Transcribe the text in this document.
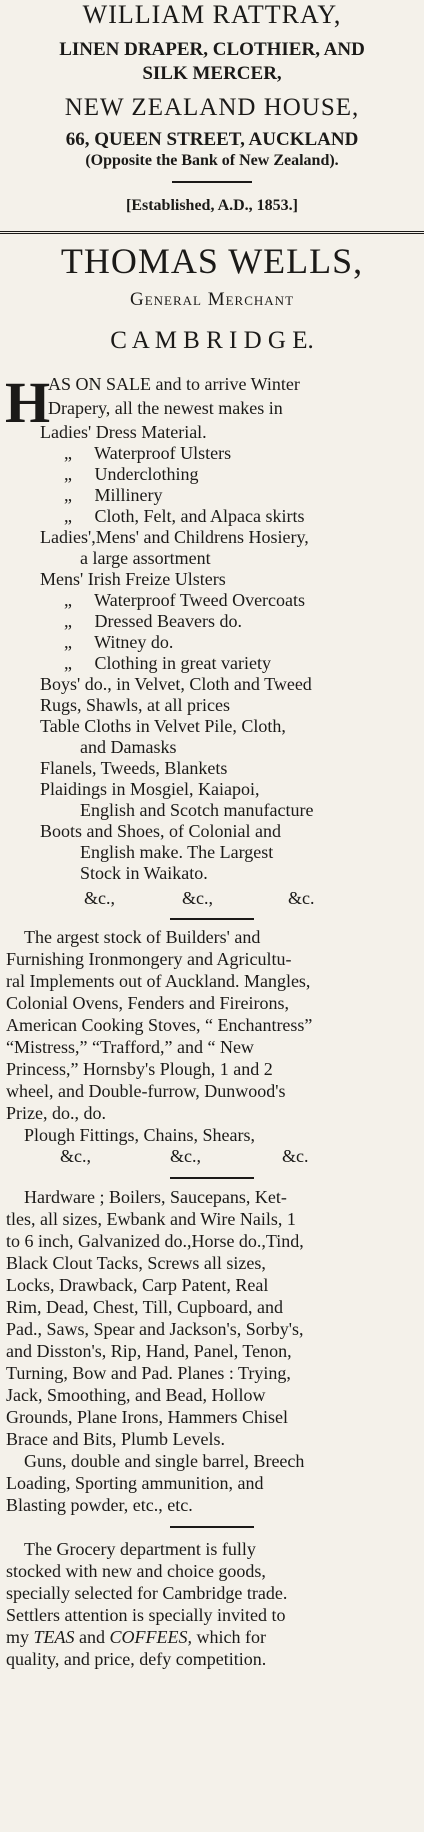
WILLIAM RATTRAY,
LINEN DRAPER, CLOTHIER, AND
SILK MERCER,
NEW ZEALAND HOUSE,
66, QUEEN STREET, AUCKLAND
(Opposite the Bank of New Zealand).
[Established, A.D., 1853.]
THOMAS WELLS,
General Merchant
C A M B R I D G E.
H
AS ON SALE and to arrive Winter
Drapery, all the newest makes in
Ladies' Dress Material.
„     Waterproof Ulsters
„     Underclothing
„     Millinery
„     Cloth, Felt, and Alpaca skirts
Ladies',Mens' and Childrens Hosiery,
a large assortment
Mens' Irish Freize Ulsters
„     Waterproof Tweed Overcoats
„     Dressed Beavers do.
„     Witney do.
„     Clothing in great variety
Boys' do., in Velvet, Cloth and Tweed
Rugs, Shawls, at all prices
Table Cloths in Velvet Pile, Cloth,
and Damasks
Flanels, Tweeds, Blankets
Plaidings in Mosgiel, Kaiapoi,
English and Scotch manufacture
Boots and Shoes, of Colonial and
English make. The Largest
Stock in Waikato.
&c.,	&c.,	&c.
The argest stock of Builders' and
Furnishing Ironmongery and Agricultu-
ral Implements out of Auckland. Mangles,
Colonial Ovens, Fenders and Fireirons,
American Cooking Stoves, “ Enchantress”
“Mistress,” “Trafford,” and “ New
Princess,” Hornsby's Plough, 1 and 2
wheel, and Double-furrow, Dunwood's
Prize, do., do.
Plough Fittings, Chains, Shears,
&c.,	&c.,	&c.
Hardware ; Boilers, Saucepans, Ket-
tles, all sizes, Ewbank and Wire Nails, 1
to 6 inch, Galvanized do.,Horse do.,Tind,
Black Clout Tacks, Screws all sizes,
Locks, Drawback, Carp Patent, Real
Rim, Dead, Chest, Till, Cupboard, and
Pad., Saws, Spear and Jackson's, Sorby's,
and Disston's, Rip, Hand, Panel, Tenon,
Turning, Bow and Pad. Planes : Trying,
Jack, Smoothing, and Bead, Hollow
Grounds, Plane Irons, Hammers Chisel
Brace and Bits, Plumb Levels.
Guns, double and single barrel, Breech
Loading, Sporting ammunition, and
Blasting powder, etc., etc.
The Grocery department is fully
stocked with new and choice goods,
specially selected for Cambridge trade.
Settlers attention is specially invited to
my TEAS and COFFEES, which for
quality, and price, defy competition.
